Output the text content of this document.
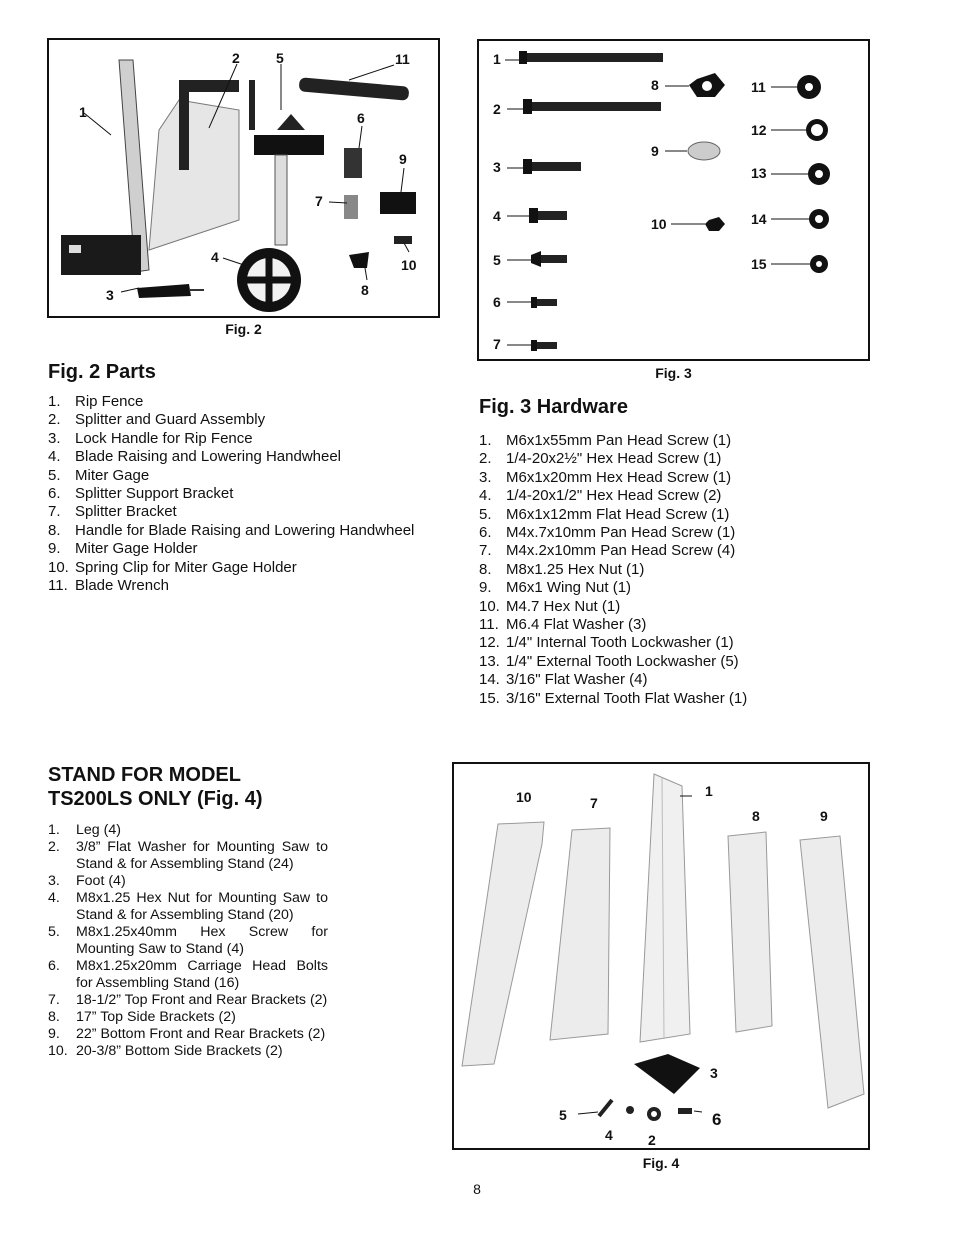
1
2
3
4
5
6
7
8
9
10
11
Fig. 2
Fig. 2 Parts
1. Rip Fence
2. Splitter and Guard Assembly
3. Lock Handle for Rip Fence
4. Blade Raising and Lowering Handwheel
5. Miter Gage
6. Splitter Support Bracket
7. Splitter Bracket
8. Handle for Blade Raising and Lowering Handwheel
9. Miter Gage Holder
10. Spring Clip for Miter Gage Holder
11. Blade Wrench
1
2
3
4
5
6
7
8
9
10
11
12
13
14
15
Fig. 3
Fig. 3 Hardware
1. M6x1x55mm Pan Head Screw (1)
2. 1/4-20x2½" Hex Head Screw (1)
3. M6x1x20mm Hex Head Screw (1)
4. 1/4-20x1/2" Hex Head Screw (2)
5. M6x1x12mm Flat Head Screw (1)
6. M4x.7x10mm Pan Head Screw (1)
7. M4x.2x10mm Pan Head Screw (4)
8. M8x1.25 Hex Nut (1)
9. M6x1 Wing Nut (1)
10. M4.7 Hex Nut (1)
11. M6.4 Flat Washer (3)
12. 1/4" Internal Tooth Lockwasher (1)
13. 1/4" External Tooth Lockwasher (5)
14. 3/16" Flat Washer (4)
15. 3/16" External Tooth Flat Washer (1)
STAND FOR MODEL
TS200LS ONLY (Fig. 4)
1. Leg (4)
2. 3/8” Flat Washer for Mounting Saw to Stand & for Assembling Stand (24)
3. Foot (4)
4. M8x1.25 Hex Nut for Mounting Saw to Stand & for Assembling Stand (20)
5. M8x1.25x40mm Hex Screw for Mounting Saw to Stand (4)
6. M8x1.25x20mm Carriage Head Bolts for Assembling Stand (16)
7. 18-1/2” Top Front and Rear Brackets (2)
8. 17” Top Side Brackets (2)
9. 22” Bottom Front and Rear Brackets (2)
10. 20-3/8” Bottom Side Brackets (2)
1
2
3
4
5	6
7
8	9
10
Fig. 4
8
